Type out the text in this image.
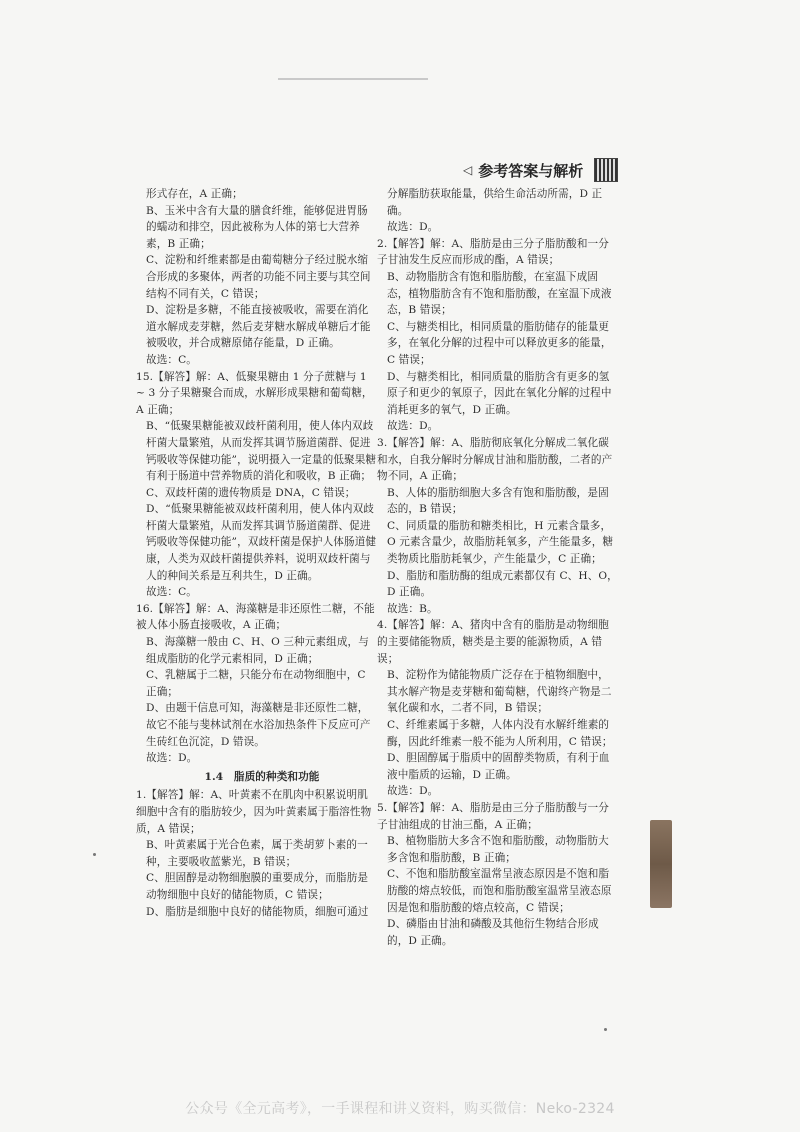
◁ 参考答案与解析

形式存在，A 正确；

B、玉米中含有大量的膳食纤维，能够促进胃肠的蠕动和排空，因此被称为人体的第七大营养素，B 正确；

C、淀粉和纤维素都是由葡萄糖分子经过脱水缩合形成的多聚体，两者的功能不同主要与其空间结构不同有关，C 错误；

D、淀粉是多糖，不能直接被吸收，需要在消化道水解成麦芽糖，然后麦芽糖水解成单糖后才能被吸收，并合成糖原储存能量，D 正确。

故选：C。

15.【解答】解：A、低聚果糖由 1 分子蔗糖与 1 ~ 3 分子果糖聚合而成，水解形成果糖和葡萄糖，A 正确；

B、“低聚果糖能被双歧杆菌利用，使人体内双歧杆菌大量繁殖，从而发挥其调节肠道菌群、促进钙吸收等保健功能”，说明摄入一定量的低聚果糖有利于肠道中营养物质的消化和吸收，B 正确；

C、双歧杆菌的遗传物质是 DNA，C 错误；

D、“低聚果糖能被双歧杆菌利用，使人体内双歧杆菌大量繁殖，从而发挥其调节肠道菌群、促进钙吸收等保健功能”，双歧杆菌是保护人体肠道健康，人类为双歧杆菌提供养料，说明双歧杆菌与人的种间关系是互利共生，D 正确。

故选：C。

16.【解答】解：A、海藻糖是非还原性二糖，不能被人体小肠直接吸收，A 正确；

B、海藻糖一般由 C、H、O 三种元素组成，与组成脂肪的化学元素相同，D 正确；

C、乳糖属于二糖，只能分布在动物细胞中，C 正确；

D、由题干信息可知，海藻糖是非还原性二糖，故它不能与斐林试剂在水浴加热条件下反应可产生砖红色沉淀，D 错误。

故选：D。

1.4　脂质的种类和功能

1.【解答】解：A、叶黄素不在肌肉中积累说明肌细胞中含有的脂肪较少，因为叶黄素属于脂溶性物质，A 错误；

B、叶黄素属于光合色素，属于类胡萝卜素的一种，主要吸收蓝紫光，B 错误；

C、胆固醇是动物细胞膜的重要成分，而脂肪是动物细胞中良好的储能物质，C 错误；

D、脂肪是细胞中良好的储能物质，细胞可通过

分解脂肪获取能量，供给生命活动所需，D 正确。

故选：D。

2.【解答】解：A、脂肪是由三分子脂肪酸和一分子甘油发生反应而形成的酯，A 错误；

B、动物脂肪含有饱和脂肪酸，在室温下成固态，植物脂肪含有不饱和脂肪酸，在室温下成液态，B 错误；

C、与糖类相比，相同质量的脂肪储存的能量更多，在氧化分解的过程中可以释放更多的能量，C 错误；

D、与糖类相比，相同质量的脂肪含有更多的氢原子和更少的氧原子，因此在氧化分解的过程中消耗更多的氧气，D 正确。

故选：D。

3.【解答】解：A、脂肪彻底氧化分解成二氧化碳和水，自我分解时分解成甘油和脂肪酸，二者的产物不同，A 正确；

B、人体的脂肪细胞大多含有饱和脂肪酸，是固态的，B 错误；

C、同质量的脂肪和糖类相比，H 元素含量多，O 元素含量少，故脂肪耗氧多，产生能量多，糖类物质比脂肪耗氧少，产生能量少，C 正确；

D、脂肪和脂肪酶的组成元素都仅有 C、H、O，D 正确。

故选：B。

4.【解答】解：A、猪肉中含有的脂肪是动物细胞的主要储能物质，糖类是主要的能源物质，A 错误；

B、淀粉作为储能物质广泛存在于植物细胞中，其水解产物是麦芽糖和葡萄糖，代谢终产物是二氧化碳和水，二者不同，B 错误；

C、纤维素属于多糖，人体内没有水解纤维素的酶，因此纤维素一般不能为人所利用，C 错误；

D、胆固醇属于脂质中的固醇类物质，有利于血液中脂质的运输，D 正确。

故选：D。

5.【解答】解：A、脂肪是由三分子脂肪酸与一分子甘油组成的甘油三酯，A 正确；

B、植物脂肪大多含不饱和脂肪酸，动物脂肪大多含饱和脂肪酸，B 正确；

C、不饱和脂肪酸室温常呈液态原因是不饱和脂肪酸的熔点较低，而饱和脂肪酸室温常呈液态原因是饱和脂肪酸的熔点较高，C 错误；

D、磷脂由甘油和磷酸及其他衍生物结合形成的，D 正确。

公众号《全元高考》，一手课程和讲义资料，购买微信：Neko-2324
